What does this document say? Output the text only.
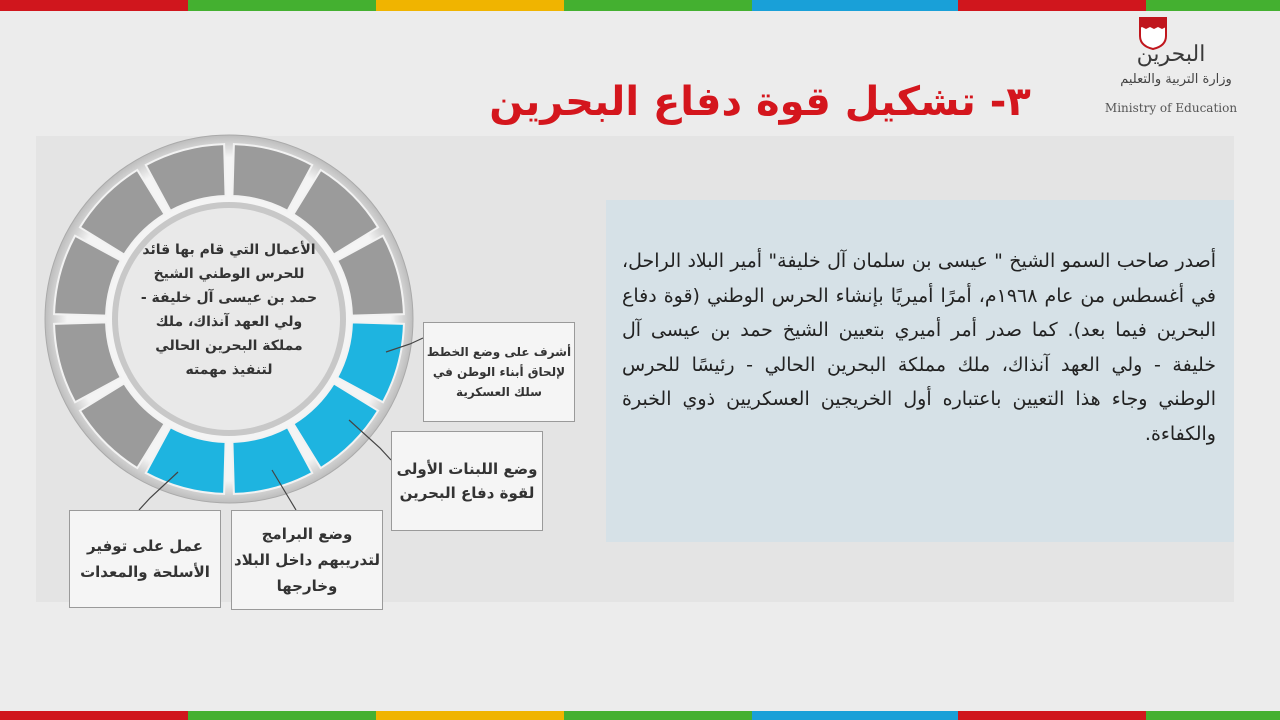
البحرين
وزارة التربية والتعليم
Ministry of Education
٣- تشكيل قوة دفاع البحرين

أصدر صاحب السمو الشيخ " عيسى بن سلمان آل خليفة" أمير البلاد الراحل، في أغسطس من عام ١٩٦٨م، أمرًا أميريًا بإنشاء الحرس الوطني (قوة دفاع البحرين فيما بعد). كما صدر أمر أميري بتعيين الشيخ حمد بن عيسى آل خليفة - ولي العهد آنذاك، ملك مملكة البحرين الحالي - رئيسًا للحرس الوطني وجاء هذا التعيين باعتباره أول الخريجين العسكريين ذوي الخبرة والكفاءة.

الأعمال التي قام بها قائد للحرس الوطني الشيخ حمد بن عيسى آل خليفة - ولي العهد آنذاك، ملك مملكة البحرين الحالي لتنفيذ مهمته
أشرف على وضع الخطط لإلحاق أبناء الوطن في سلك العسكرية
وضع اللبنات الأولى لقوة دفاع البحرين
وضع البرامج لتدريبهم داخل البلاد وخارجها
عمل على توفير الأسلحة والمعدات
